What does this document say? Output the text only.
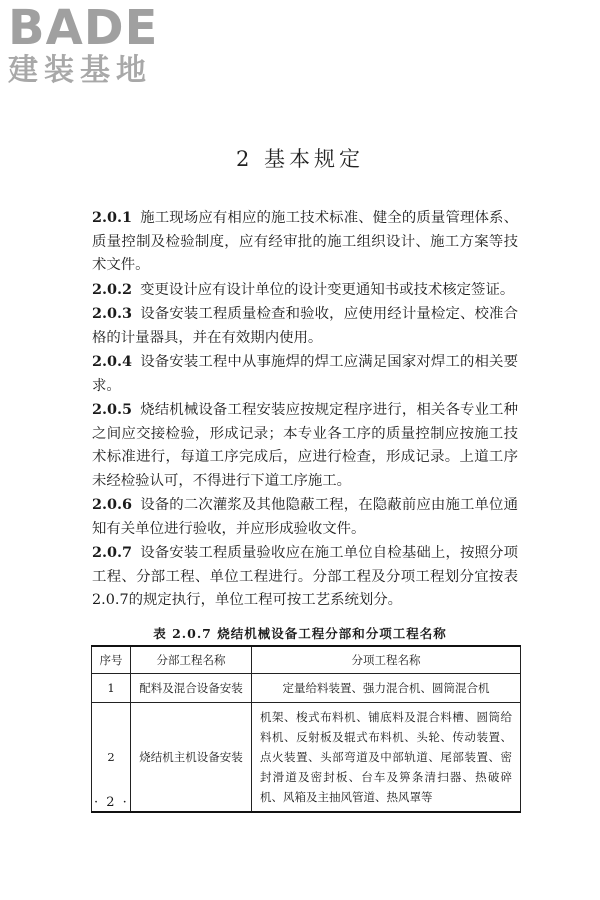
BADE
建装基地
2 基本规定

2.0.1 施工现场应有相应的施工技术标准、健全的质量管理体系、质量控制及检验制度，应有经审批的施工组织设计、施工方案等技术文件。

2.0.2 变更设计应有设计单位的设计变更通知书或技术核定签证。

2.0.3 设备安装工程质量检查和验收，应使用经计量检定、校准合格的计量器具，并在有效期内使用。

2.0.4 设备安装工程中从事施焊的焊工应满足国家对焊工的相关要求。

2.0.5 烧结机械设备工程安装应按规定程序进行，相关各专业工种之间应交接检验，形成记录；本专业各工序的质量控制应按施工技术标准进行，每道工序完成后，应进行检查，形成记录。上道工序未经检验认可，不得进行下道工序施工。

2.0.6 设备的二次灌浆及其他隐蔽工程，在隐蔽前应由施工单位通知有关单位进行验收，并应形成验收文件。

2.0.7 设备安装工程质量验收应在施工单位自检基础上，按照分项工程、分部工程、单位工程进行。分部工程及分项工程划分宜按表2.0.7的规定执行，单位工程可按工艺系统划分。

表 2.0.7 烧结机械设备工程分部和分项工程名称
序号	分部工程名称	分项工程名称
1	配料及混合设备安装	定量给料装置、强力混合机、圆筒混合机
2	烧结机主机设备安装	机架、梭式布料机、铺底料及混合料槽、圆筒给料机、反射板及辊式布料机、头轮、传动装置、点火装置、头部弯道及中部轨道、尾部装置、密封滑道及密封板、台车及箅条清扫器、热破碎机、风箱及主抽风管道、热风罩等
· 2 ·
